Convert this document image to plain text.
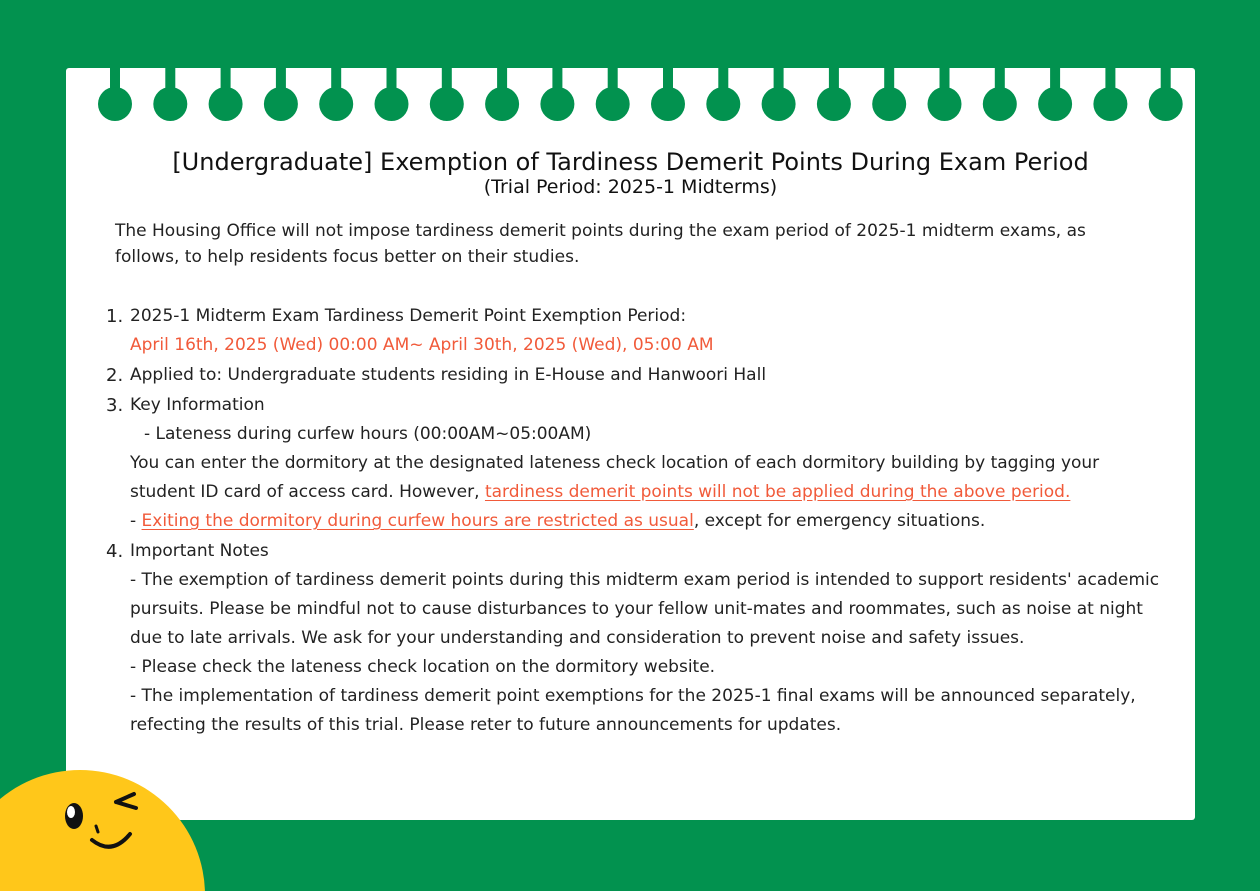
[Undergraduate] Exemption of Tardiness Demerit Points During Exam Period

(Trial Period: 2025-1 Midterms)

The Housing Office will not impose tardiness demerit points during the exam period of 2025-1 midterm exams, as follows, to help residents focus better on their studies.

1. 2025-1 Midterm Exam Tardiness Demerit Point Exemption Period:

April 16th, 2025 (Wed) 00:00 AM~ April 30th, 2025 (Wed), 05:00 AM

2. Applied to: Undergraduate students residing in E-House and Hanwoori Hall

3. Key Information

- Lateness during curfew hours (00:00AM~05:00AM)

You can enter the dormitory at the designated lateness check location of each dormitory building by tagging your student ID card of access card. However, tardiness demerit points will not be applied during the above period.

- Exiting the dormitory during curfew hours are restricted as usual, except for emergency situations.

4. Important Notes

- The exemption of tardiness demerit points during this midterm exam period is intended to support residents' academic pursuits. Please be mindful not to cause disturbances to your fellow unit-mates and roommates, such as noise at night due to late arrivals. We ask for your understanding and consideration to prevent noise and safety issues.

- Please check the lateness check location on the dormitory website.

- The implementation of tardiness demerit point exemptions for the 2025-1 final exams will be announced separately, refecting the results of this trial. Please reter to future announcements for updates.
